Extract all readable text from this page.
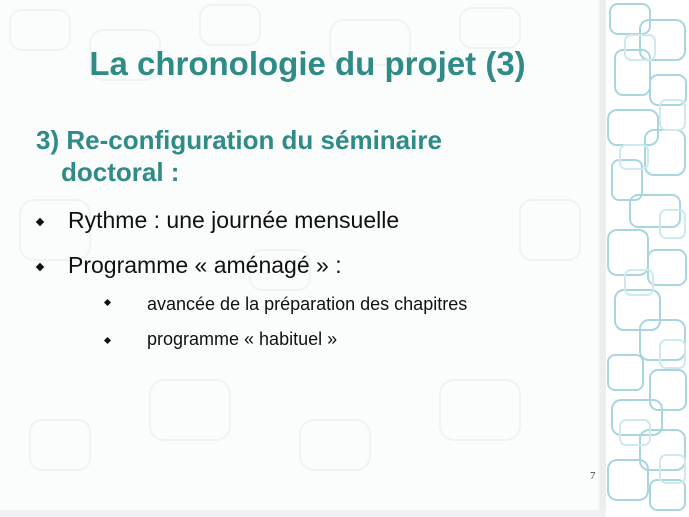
La chronologie du projet (3)
3) Re-configuration du séminaire
doctoral :
Rythme : une journée mensuelle
Programme « aménagé » :
avancée de la préparation des chapitres
programme « habituel »
7
